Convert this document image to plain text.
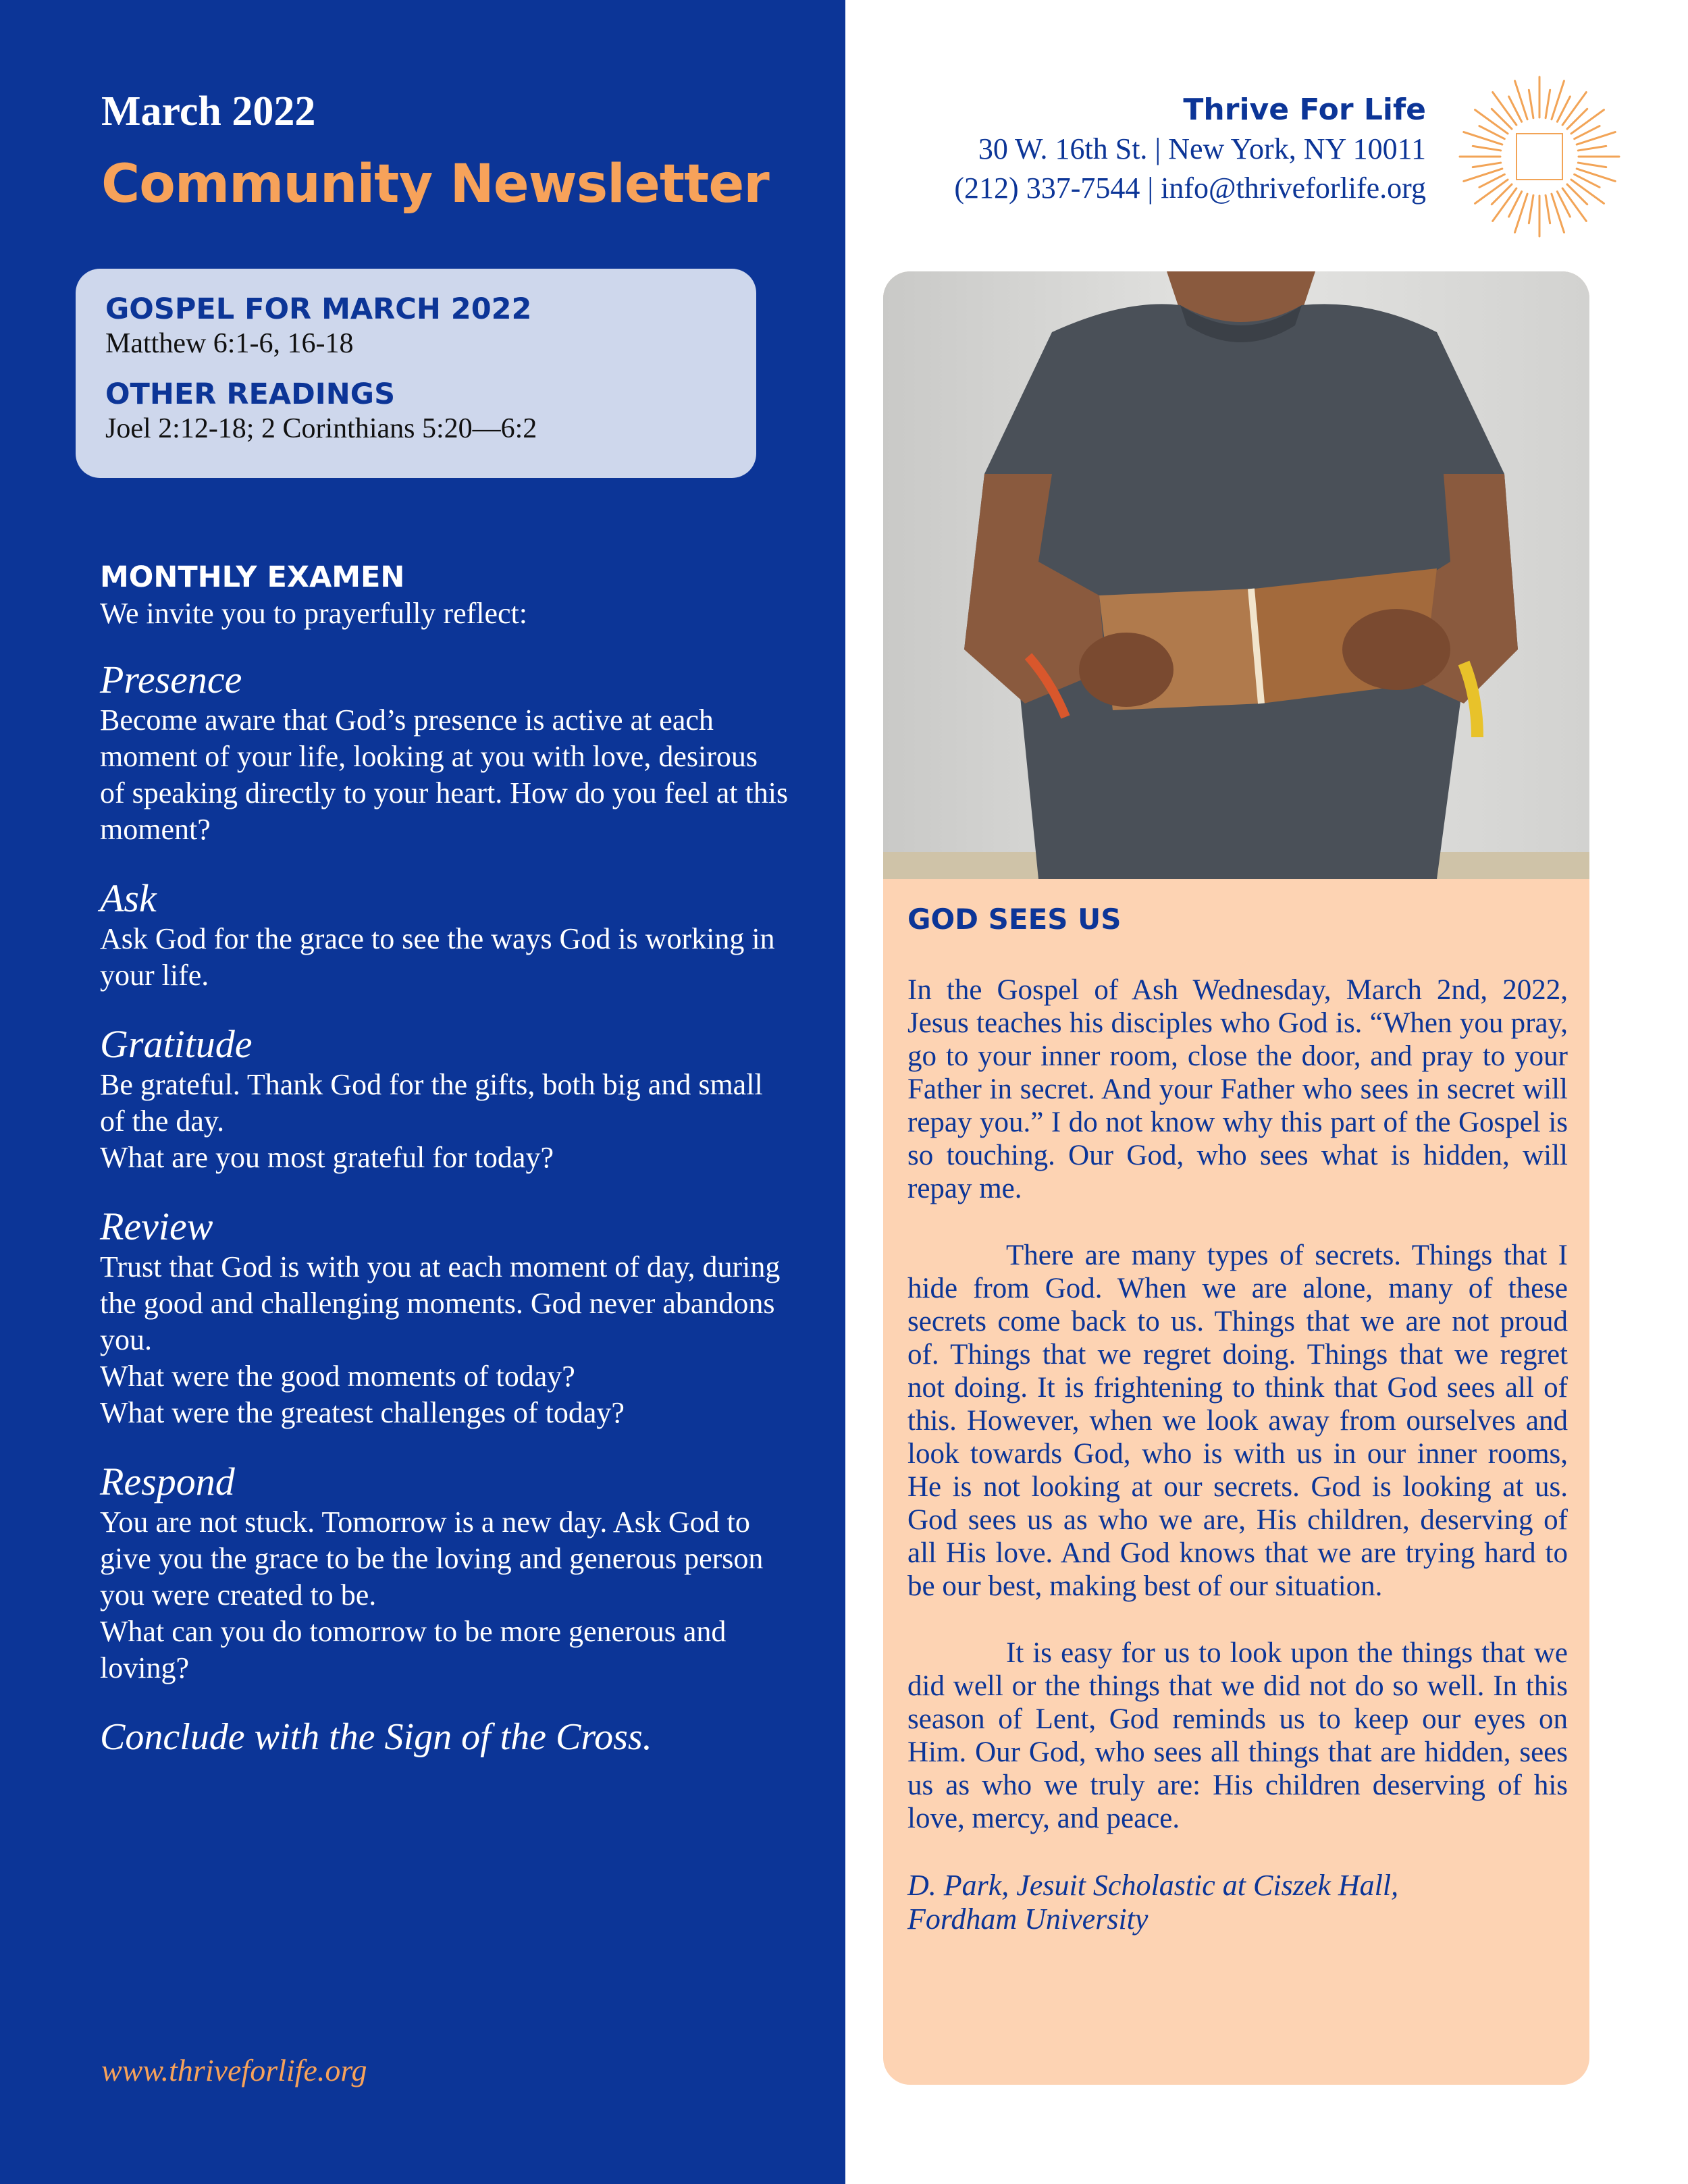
March 2022
Community Newsletter
GOSPEL FOR MARCH 2022
Matthew 6:1-6, 16-18
OTHER READINGS
Joel 2:12-18; 2 Corinthians 5:20—6:2
MONTHLY EXAMEN
We invite you to prayerfully reflect:
Presence
Become aware that God’s presence is active at each moment of your life, looking at you with love, desirous of speaking directly to your heart. How do you feel at this moment?
Ask
Ask God for the grace to see the ways God is working in your life.
Gratitude
Be grateful. Thank God for the gifts, both big and small of the day.
What are you most grateful for today?
Review
Trust that God is with you at each moment of day, during the good and challenging moments. God never abandons you.
What were the good moments of today?
What were the greatest challenges of today?
Respond
You are not stuck. Tomorrow is a new day. Ask God to give you the grace to be the loving and generous person you were created to be.
What can you do tomorrow to be more generous and loving?
Conclude with the Sign of the Cross.
www.thriveforlife.org
Thrive For Life
30 W. 16th St. | New York, NY 10011
(212) 337-7544 | info@thriveforlife.org
GOD SEES US

In the Gospel of Ash Wednesday, March 2nd, 2022, Jesus teaches his disciples who God is. “When you pray, go to your inner room, close the door, and pray to your Father in secret. And your Father who sees in secret will repay you.” I do not know why this part of the Gospel is so touching. Our God, who sees what is hidden, will repay me.

There are many types of secrets. Things that I hide from God. When we are alone, many of these secrets come back to us. Things that we are not proud of. Things that we regret doing. Things that we regret not doing. It is frightening to think that God sees all of this. However, when we look away from ourselves and look towards God, who is with us in our inner rooms, He is not looking at our secrets. God is looking at us. God sees us as who we are, His children, deserving of all His love. And God knows that we are trying hard to be our best, making best of our situation.

It is easy for us to look upon the things that we did well or the things that we did not do so well. In this season of Lent, God reminds us to keep our eyes on Him. Our God, who sees all things that are hidden, sees us as who we truly are: His children deserving of his love, mercy, and peace.

D. Park, Jesuit Scholastic at Ciszek Hall,
Fordham University
